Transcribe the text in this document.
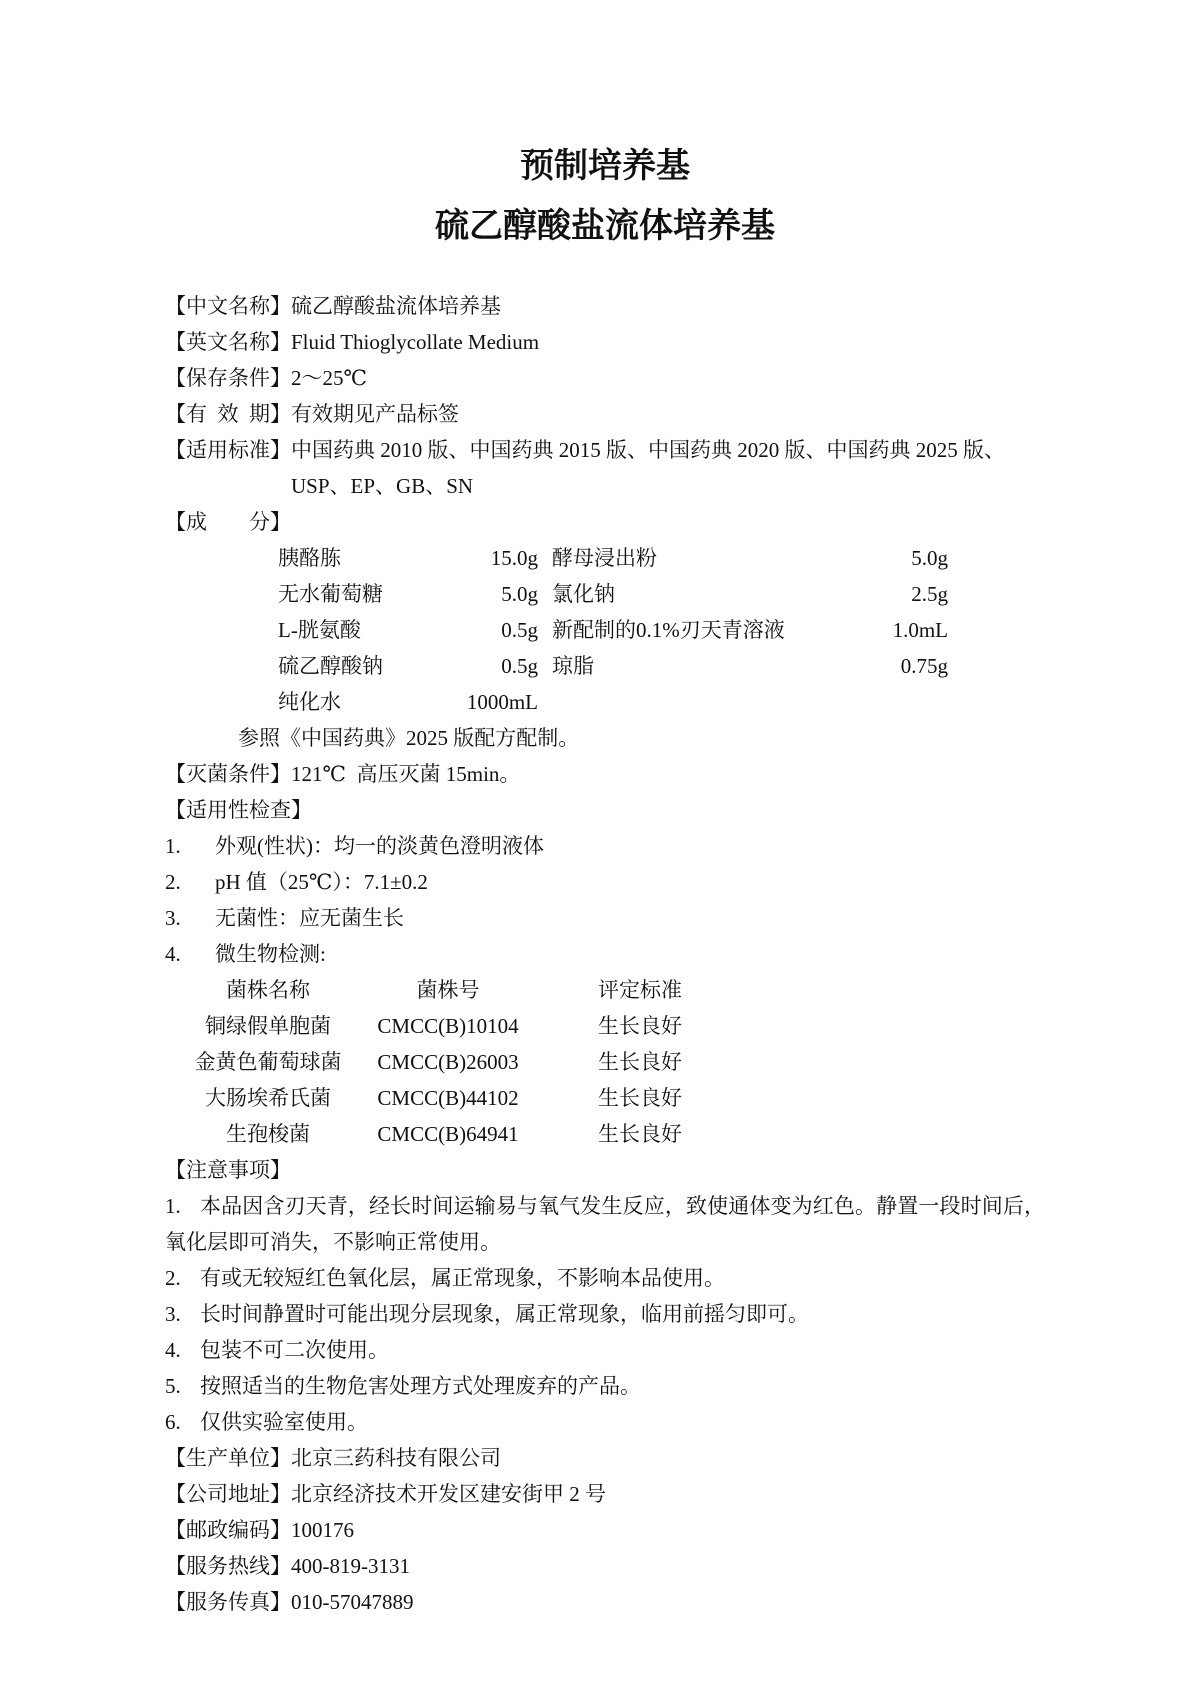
预制培养基
硫乙醇酸盐流体培养基
【中文名称】硫乙醇酸盐流体培养基
【英文名称】Fluid Thioglycollate Medium
【保存条件】2～25℃
【有 效 期】有效期见产品标签
【适用标准】中国药典 2010 版、中国药典 2015 版、中国药典 2020 版、中国药典 2025 版、
USP、EP、GB、SN
【成  分】
胰酪胨	15.0g 酵母浸出粉	5.0g
无水葡萄糖	5.0g 氯化钠	2.5g
L-胱氨酸	0.5g 新配制的0.1%刃天青溶液	1.0mL
硫乙醇酸钠	0.5g 琼脂	0.75g
纯化水	1000mL
参照《中国药典》2025 版配方配制。
【灭菌条件】121℃ 高压灭菌 15min。
【适用性检查】
1.	外观(性状)：均一的淡黄色澄明液体
2.	pH 值（25℃）：7.1±0.2
3.	无菌性：应无菌生长
4.	微生物检测:
菌株名称	菌株号	评定标准
铜绿假单胞菌	CMCC(B)10104	生长良好
金黄色葡萄球菌	CMCC(B)26003	生长良好
大肠埃希氏菌	CMCC(B)44102	生长良好
生孢梭菌	CMCC(B)64941	生长良好
【注意事项】
1. 本品因含刃天青，经长时间运输易与氧气发生反应，致使通体变为红色。静置一段时间后，
氧化层即可消失，不影响正常使用。
2. 有或无较短红色氧化层，属正常现象，不影响本品使用。
3. 长时间静置时可能出现分层现象，属正常现象，临用前摇匀即可。
4. 包装不可二次使用。
5. 按照适当的生物危害处理方式处理废弃的产品。
6. 仅供实验室使用。
【生产单位】北京三药科技有限公司
【公司地址】北京经济技术开发区建安街甲 2 号
【邮政编码】100176
【服务热线】400-819-3131
【服务传真】010-57047889
